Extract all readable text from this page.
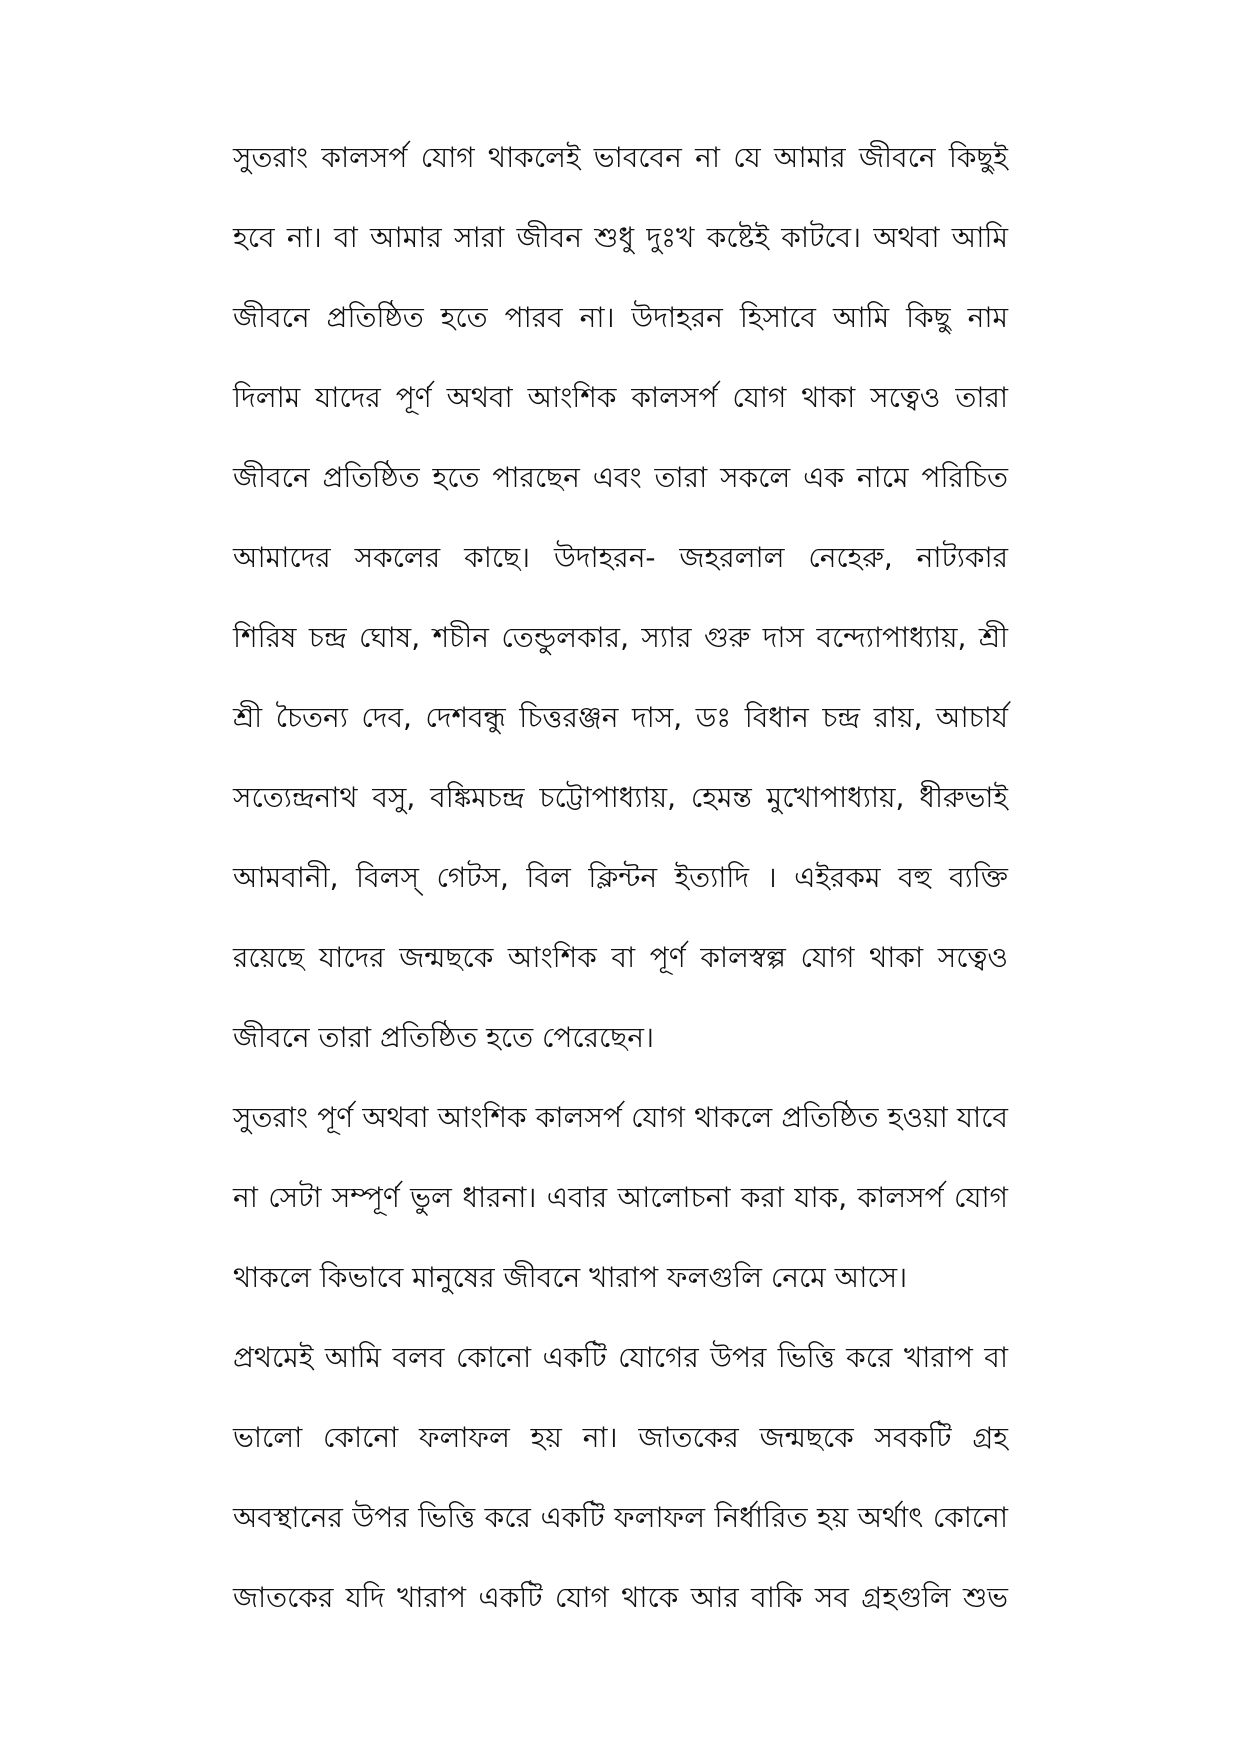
সুতরাং কালসর্প যোগ থাকলেই ভাববেন না যে আমার জীবনে কিছুই
হবে না। বা আমার সারা জীবন শুধু দুঃখ কষ্টেই কাটবে। অথবা আমি
জীবনে প্রতিষ্ঠিত হতে পারব না। উদাহরন হিসাবে আমি কিছু নাম
দিলাম যাদের পূর্ণ অথবা আংশিক কালসর্প যোগ থাকা সত্বেও তারা
জীবনে প্রতিষ্ঠিত হতে পারছেন এবং তারা সকলে এক নামে পরিচিত
আমাদের সকলের কাছে। উদাহরন- জহরলাল নেহেরু, নাট্যকার
শিরিষ চন্দ্র ঘোষ, শচীন তেন্ডুলকার, স্যার গুরু দাস বন্দ্যোপাধ্যায়, শ্রী
শ্রী চৈতন্য দেব, দেশবন্ধু চিত্তরঞ্জন দাস, ডঃ বিধান চন্দ্র রায়, আচার্য
সত্যেন্দ্রনাথ বসু, বঙ্কিমচন্দ্র চট্টোপাধ্যায়, হেমন্ত মুখোপাধ্যায়, ধীরুভাই
আমবানী, বিলস্ গেটস, বিল ক্লিন্টন ইত্যাদি । এইরকম বহু ব্যক্তি
রয়েছে যাদের জন্মছকে আংশিক বা পূর্ণ কালস্বল্প যোগ থাকা সত্বেও
জীবনে তারা প্রতিষ্ঠিত হতে পেরেছেন।
সুতরাং পূর্ণ অথবা আংশিক কালসর্প যোগ থাকলে প্রতিষ্ঠিত হওয়া যাবে
না সেটা সম্পূর্ণ ভুল ধারনা। এবার আলোচনা করা যাক, কালসর্প যোগ
থাকলে কিভাবে মানুষের জীবনে খারাপ ফলগুলি নেমে আসে।
প্রথমেই আমি বলব কোনো একটি যোগের উপর ভিত্তি করে খারাপ বা
ভালো কোনো ফলাফল হয় না। জাতকের জন্মছকে সবকটি গ্রহ
অবস্থানের উপর ভিত্তি করে একটি ফলাফল নির্ধারিত হয় অর্থাৎ কোনো
জাতকের যদি খারাপ একটি যোগ থাকে আর বাকি সব গ্রহগুলি শুভ
